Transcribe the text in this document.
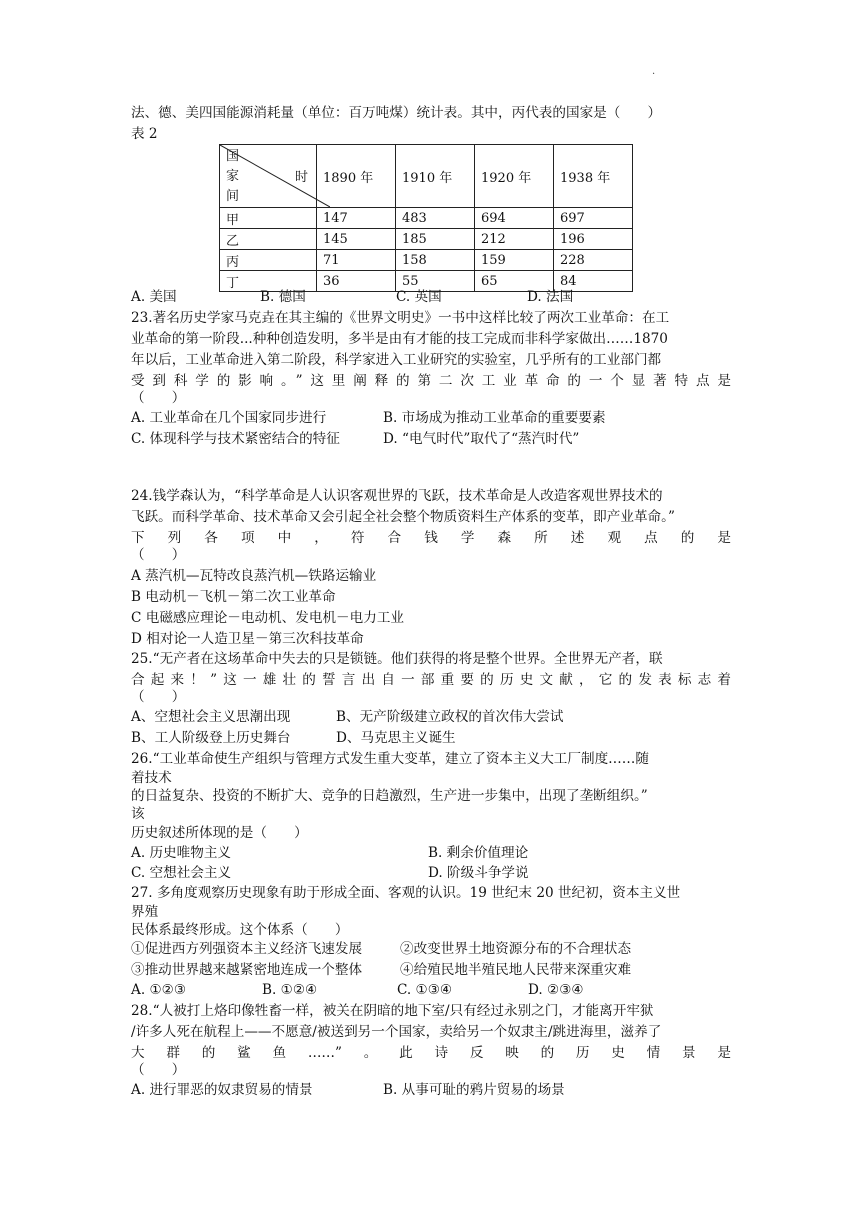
.
法、德、美四国能源消耗量（单位：百万吨煤）统计表。其中，丙代表的国家是（　　）
表 2
国
家
间
时	1890 年	1910 年	1920 年	1938 年
甲	147	483	694	697
乙	145	185	212	196
丙	71	158	159	228
丁	36	55	65	84
A. 美国	B. 德国	C. 英国	D. 法国
23.著名历史学家马克垚在其主编的《世界文明史》一书中这样比较了两次工业革命：在工
业革命的第一阶段...种种创造发明，多半是由有才能的技工完成而非科学家做出……1870
年以后，工业革命进入第二阶段，科学家进入工业研究的实验室，几乎所有的工业部门都
受到科学的影响。”这里阐释的第二次工业革命的一个显著特点是
（　　）
A. 工业革命在几个国家同步进行	B. 市场成为推动工业革命的重要要素
C. 体现科学与技术紧密结合的特征	D. “电气时代”取代了“蒸汽时代”
24.钱学森认为，“科学革命是人认识客观世界的飞跃，技术革命是人改造客观世界技术的
飞跃。而科学革命、技术革命又会引起全社会整个物质资料生产体系的变革，即产业革命。”
下列各项中，符合钱学森所述观点的是
（　　）
A 蒸汽机—瓦特改良蒸汽机—铁路运输业
B 电动机－飞机－第二次工业革命
C 电磁感应理论－电动机、发电机－电力工业
D 相对论一人造卫星－第三次科技革命
25.“无产者在这场革命中失去的只是锁链。他们获得的将是整个世界。全世界无产者，联
合起来！”这一雄壮的誓言出自一部重要的历史文献，它的发表标志着
（　　）
A、空想社会主义思潮出现	B、无产阶级建立政权的首次伟大尝试
B、工人阶级登上历史舞台	D、马克思主义诞生
26.“工业革命使生产组织与管理方式发生重大变革，建立了资本主义大工厂制度……随
着技术
的日益复杂、投资的不断扩大、竞争的日趋激烈，生产进一步集中，出现了垄断组织。”
该
历史叙述所体现的是（　　）
A. 历史唯物主义	B. 剩余价值理论
C. 空想社会主义	D. 阶级斗争学说
27. 多角度观察历史现象有助于形成全面、客观的认识。19 世纪末 20 世纪初，资本主义世
界殖
民体系最终形成。这个体系（　　）
①促进西方列强资本主义经济飞速发展	②改变世界土地资源分布的不合理状态
③推动世界越来越紧密地连成一个整体	④给殖民地半殖民地人民带来深重灾难
A. ①②③	B. ①②④	C. ①③④	D. ②③④
28.“人被打上烙印像牲畜一样，被关在阴暗的地下室/只有经过永别之门，才能离开牢狱
/许多人死在航程上——不愿意/被送到另一个国家，卖给另一个奴隶主/跳进海里，滋养了
大群的鲨鱼……”。此诗反映的历史情景是
（　　）
A. 进行罪恶的奴隶贸易的情景	B. 从事可耻的鸦片贸易的场景
